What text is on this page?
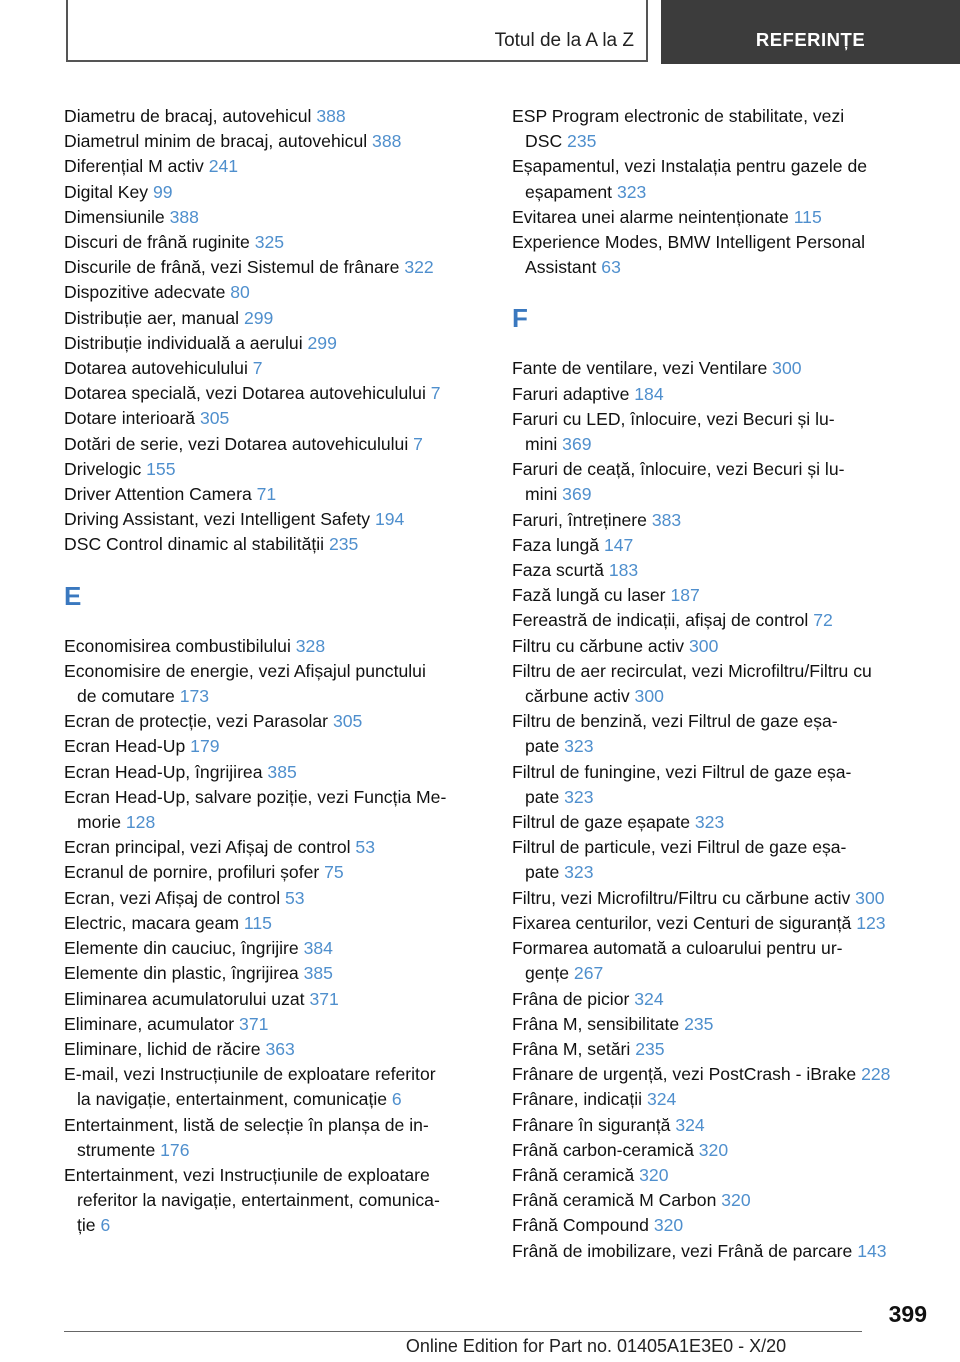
Totul de la A la Z	REFERINȚE
Diametru de bracaj, autovehicul 388
Diametrul minim de bracaj, autovehicul 388
Diferențial M activ 241
Digital Key 99
Dimensiunile 388
Discuri de frână ruginite 325
Discurile de frână, vezi Sistemul de frânare 322
Dispozitive adecvate 80
Distribuție aer, manual 299
Distribuție individuală a aerului 299
Dotarea autovehiculului 7
Dotarea specială, vezi Dotarea autovehiculului 7
Dotare interioară 305
Dotări de serie, vezi Dotarea autovehiculului 7
Drivelogic 155
Driver Attention Camera 71
Driving Assistant, vezi Intelligent Safety 194
DSC Control dinamic al stabilității 235
E
Economisirea combustibilului 328
Economisire de energie, vezi Afișajul punctului
de comutare 173
Ecran de protecție, vezi Parasolar 305
Ecran Head-Up 179
Ecran Head-Up, îngrijirea 385
Ecran Head-Up, salvare poziție, vezi Funcția Me-
morie 128
Ecran principal, vezi Afișaj de control 53
Ecranul de pornire, profiluri șofer 75
Ecran, vezi Afișaj de control 53
Electric, macara geam 115
Elemente din cauciuc, îngrijire 384
Elemente din plastic, îngrijirea 385
Eliminarea acumulatorului uzat 371
Eliminare, acumulator 371
Eliminare, lichid de răcire 363
E-mail, vezi Instrucțiunile de exploatare referitor
la navigație, entertainment, comunicație 6
Entertainment, listă de selecție în planșa de in-
strumente 176
Entertainment, vezi Instrucțiunile de exploatare
referitor la navigație, entertainment, comunica-
ție 6
ESP Program electronic de stabilitate, vezi
DSC 235
Eșapamentul, vezi Instalația pentru gazele de
eșapament 323
Evitarea unei alarme neintenționate 115
Experience Modes, BMW Intelligent Personal
Assistant 63
F
Fante de ventilare, vezi Ventilare 300
Faruri adaptive 184
Faruri cu LED, înlocuire, vezi Becuri și lu-
mini 369
Faruri de ceață, înlocuire, vezi Becuri și lu-
mini 369
Faruri, întreținere 383
Faza lungă 147
Faza scurtă 183
Fază lungă cu laser 187
Fereastră de indicații, afișaj de control 72
Filtru cu cărbune activ 300
Filtru de aer recirculat, vezi Microfiltru/Filtru cu
cărbune activ 300
Filtru de benzină, vezi Filtrul de gaze eșa-
pate 323
Filtrul de funingine, vezi Filtrul de gaze eșa-
pate 323
Filtrul de gaze eșapate 323
Filtrul de particule, vezi Filtrul de gaze eșa-
pate 323
Filtru, vezi Microfiltru/Filtru cu cărbune activ 300
Fixarea centurilor, vezi Centuri de siguranță 123
Formarea automată a culoarului pentru ur-
gențe 267
Frâna de picior 324
Frâna M, sensibilitate 235
Frâna M, setări 235
Frânare de urgență, vezi PostCrash - iBrake 228
Frânare, indicații 324
Frânare în siguranță 324
Frână carbon-ceramică 320
Frână ceramică 320
Frână ceramică M Carbon 320
Frână Compound 320
Frână de imobilizare, vezi Frână de parcare 143
399
Online Edition for Part no. 01405A1E3E0 - X/20
